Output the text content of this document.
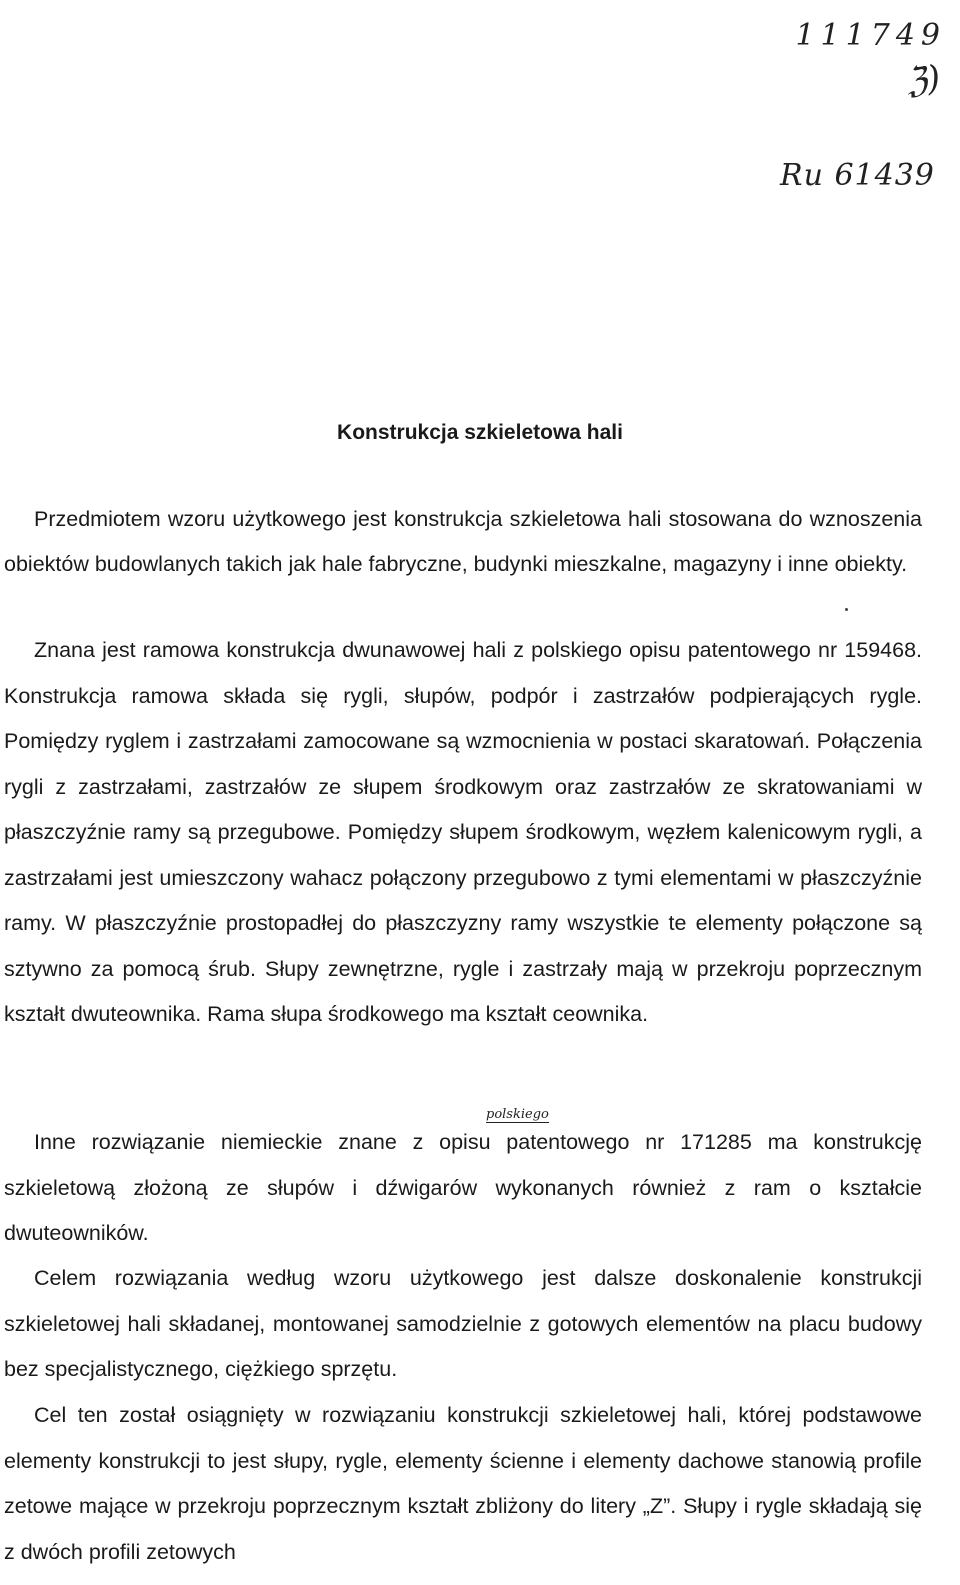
111749
ℨ)
Ru 61439
Konstrukcja szkieletowa hali

Przedmiotem wzoru użytkowego jest konstrukcja szkieletowa hali stosowana do wznoszenia obiektów budowlanych takich jak hale fabryczne, budynki mieszkalne, magazyny i inne obiekty.

Znana jest ramowa konstrukcja dwunawowej hali z polskiego opisu patentowego nr 159468. Konstrukcja ramowa składa się rygli, słupów, podpór i zastrzałów podpierających rygle. Pomiędzy ryglem i zastrzałami zamocowane są wzmocnienia w postaci skaratowań. Połączenia rygli z zastrzałami, zastrzałów ze słupem środkowym oraz zastrzałów ze skratowaniami w płaszczyźnie ramy są przegubowe. Pomiędzy słupem środkowym, węzłem kalenicowym rygli, a zastrzałami jest umieszczony wahacz połączony przegubowo z tymi elementami w płaszczyźnie ramy. W płaszczyźnie prostopadłej do płaszczyzny ramy wszystkie te elementy połączone są sztywno za pomocą śrub. Słupy zewnętrzne, rygle i zastrzały mają w przekroju poprzecznym kształt dwuteownika. Rama słupa środkowego ma kształt ceownika.

polskiego

Inne rozwiązanie niemieckie znane z opisu patentowego nr 171285 ma konstrukcję szkieletową złożoną ze słupów i dźwigarów wykonanych również z ram o kształcie dwuteowników.

Celem rozwiązania według wzoru użytkowego jest dalsze doskonalenie konstrukcji szkieletowej hali składanej, montowanej samodzielnie z gotowych elementów na placu budowy bez specjalistycznego, ciężkiego sprzętu.

Cel ten został osiągnięty w rozwiązaniu konstrukcji szkieletowej hali, której podstawowe elementy konstrukcji to jest słupy, rygle, elementy ścienne i elementy dachowe stanowią profile zetowe mające w przekroju poprzecznym kształt zbliżony do litery „Z”. Słupy i rygle składają się z dwóch profili zetowych
